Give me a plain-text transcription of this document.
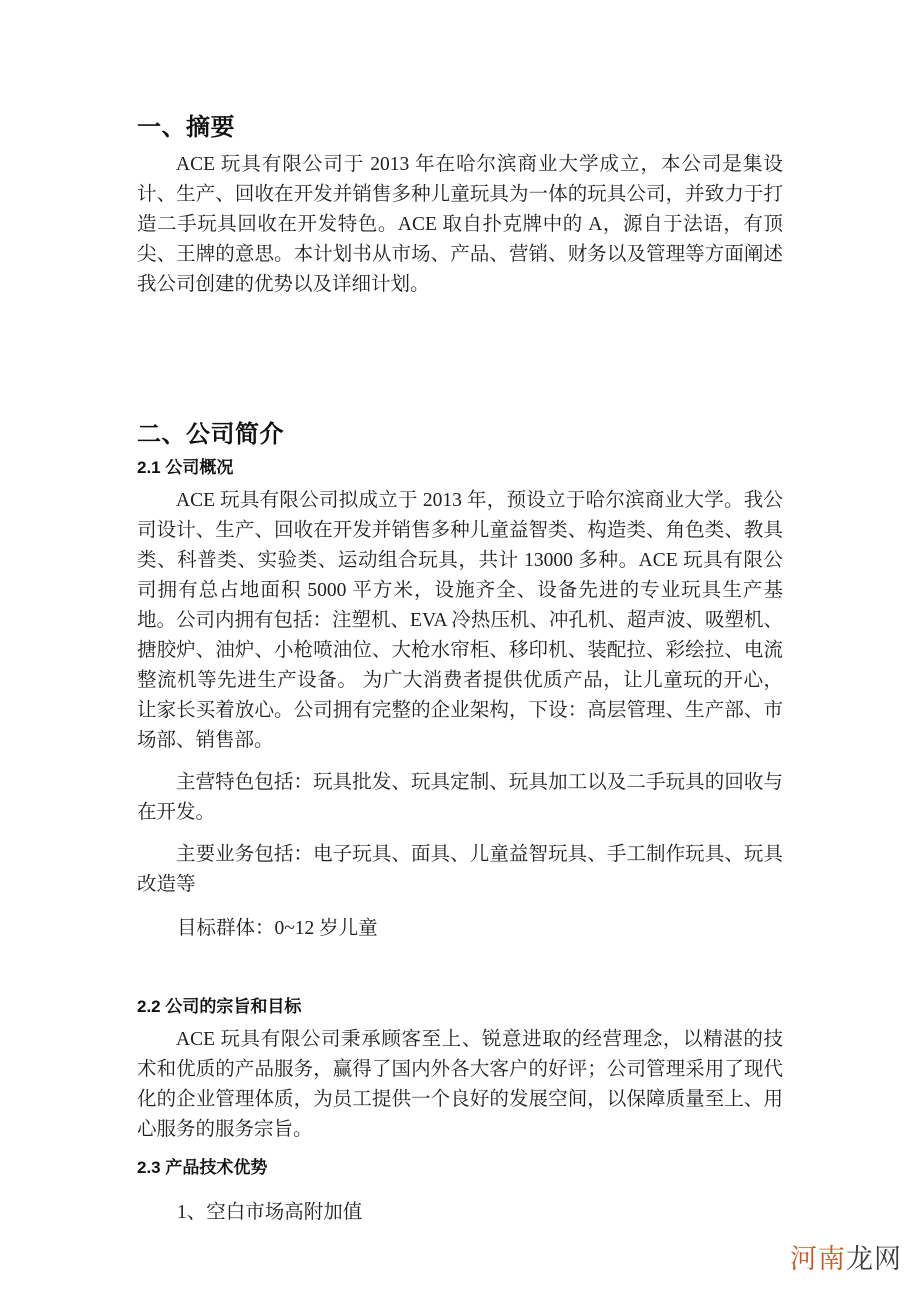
一、摘要

ACE 玩具有限公司于 2013 年在哈尔滨商业大学成立，本公司是集设计、生产、回收在开发并销售多种儿童玩具为一体的玩具公司，并致力于打造二手玩具回收在开发特色。ACE 取自扑克牌中的 A，源自于法语，有顶尖、王牌的意思。本计划书从市场、产品、营销、财务以及管理等方面阐述我公司创建的优势以及详细计划。

二、公司简介
2.1 公司概况

ACE 玩具有限公司拟成立于 2013 年，预设立于哈尔滨商业大学。我公司设计、生产、回收在开发并销售多种儿童益智类、构造类、角色类、教具类、科普类、实验类、运动组合玩具，共计 13000 多种。ACE 玩具有限公司拥有总占地面积 5000 平方米，设施齐全、设备先进的专业玩具生产基地。公司内拥有包括：注塑机、EVA 冷热压机、冲孔机、超声波、吸塑机、搪胶炉、油炉、小枪喷油位、大枪水帘柜、移印机、装配拉、彩绘拉、电流整流机等先进生产设备。 为广大消费者提供优质产品，让儿童玩的开心，让家长买着放心。公司拥有完整的企业架构，下设：高层管理、生产部、市场部、销售部。

主营特色包括：玩具批发、玩具定制、玩具加工以及二手玩具的回收与在开发。

主要业务包括：电子玩具、面具、儿童益智玩具、手工制作玩具、玩具改造等

目标群体：0~12 岁儿童

2.2 公司的宗旨和目标

ACE 玩具有限公司秉承顾客至上、锐意进取的经营理念，以精湛的技术和优质的产品服务，赢得了国内外各大客户的好评；公司管理采用了现代化的企业管理体质，为员工提供一个良好的发展空间，以保障质量至上、用心服务的服务宗旨。

2.3 产品技术优势

1、空白市场高附加值

河南龙网
